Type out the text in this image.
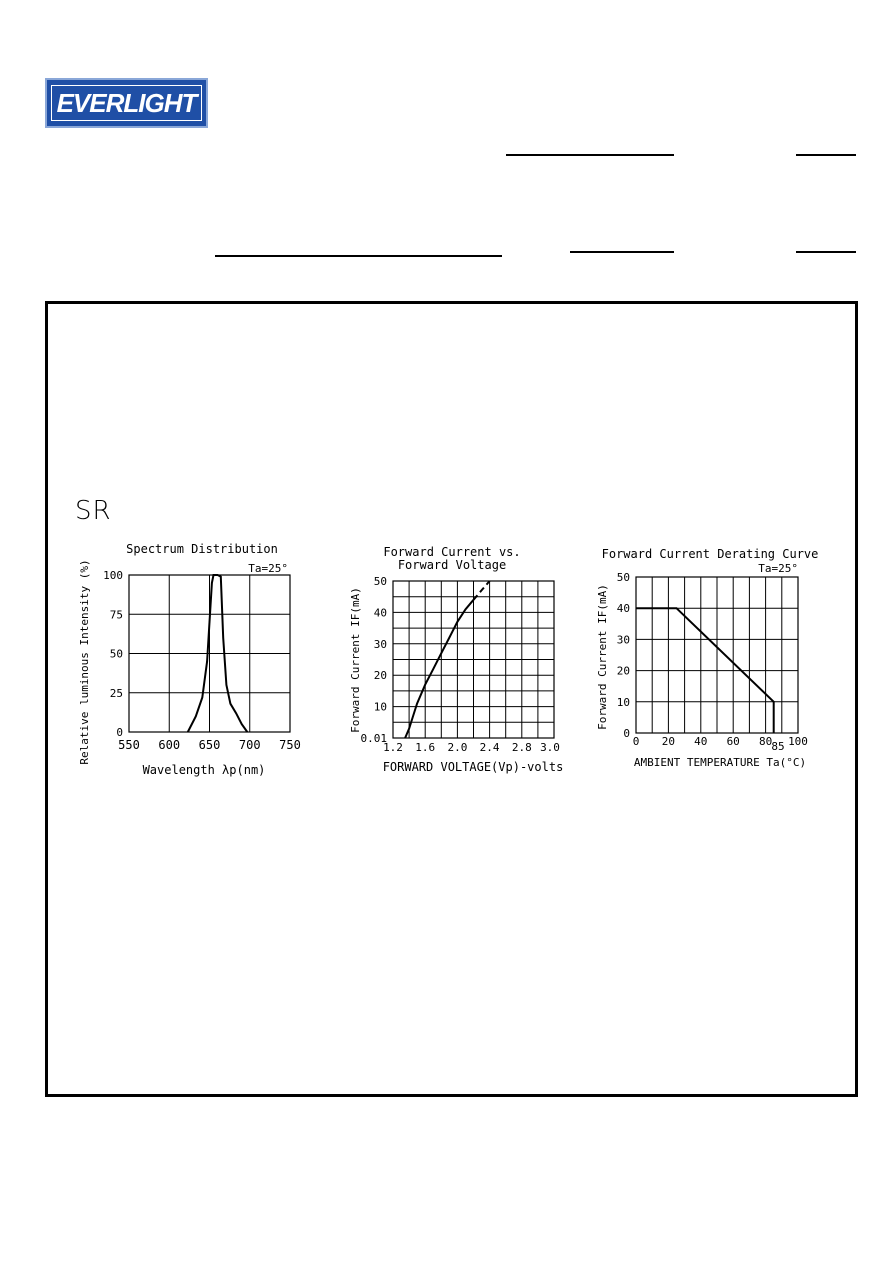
EVERLIGHT
SR
Spectrum Distribution
Ta=25°
550 600 650 700 750
0
25
50
75
100
Wavelength λp(nm)
Relative luminous Intensity (%)
Forward Current vs.
Forward Voltage
1.2 1.6 2.0 2.4 2.8 3.0
0.01
10
20
30
40
50
FORWARD VOLTAGE(Vp)-volts
Forward Current IF(mA)
Forward Current Derating Curve
Ta=25°
0 20 40 60 80 100
0
10
20
30
40
50
85
AMBIENT TEMPERATURE Ta(°C)
Forward Current IF(mA)
